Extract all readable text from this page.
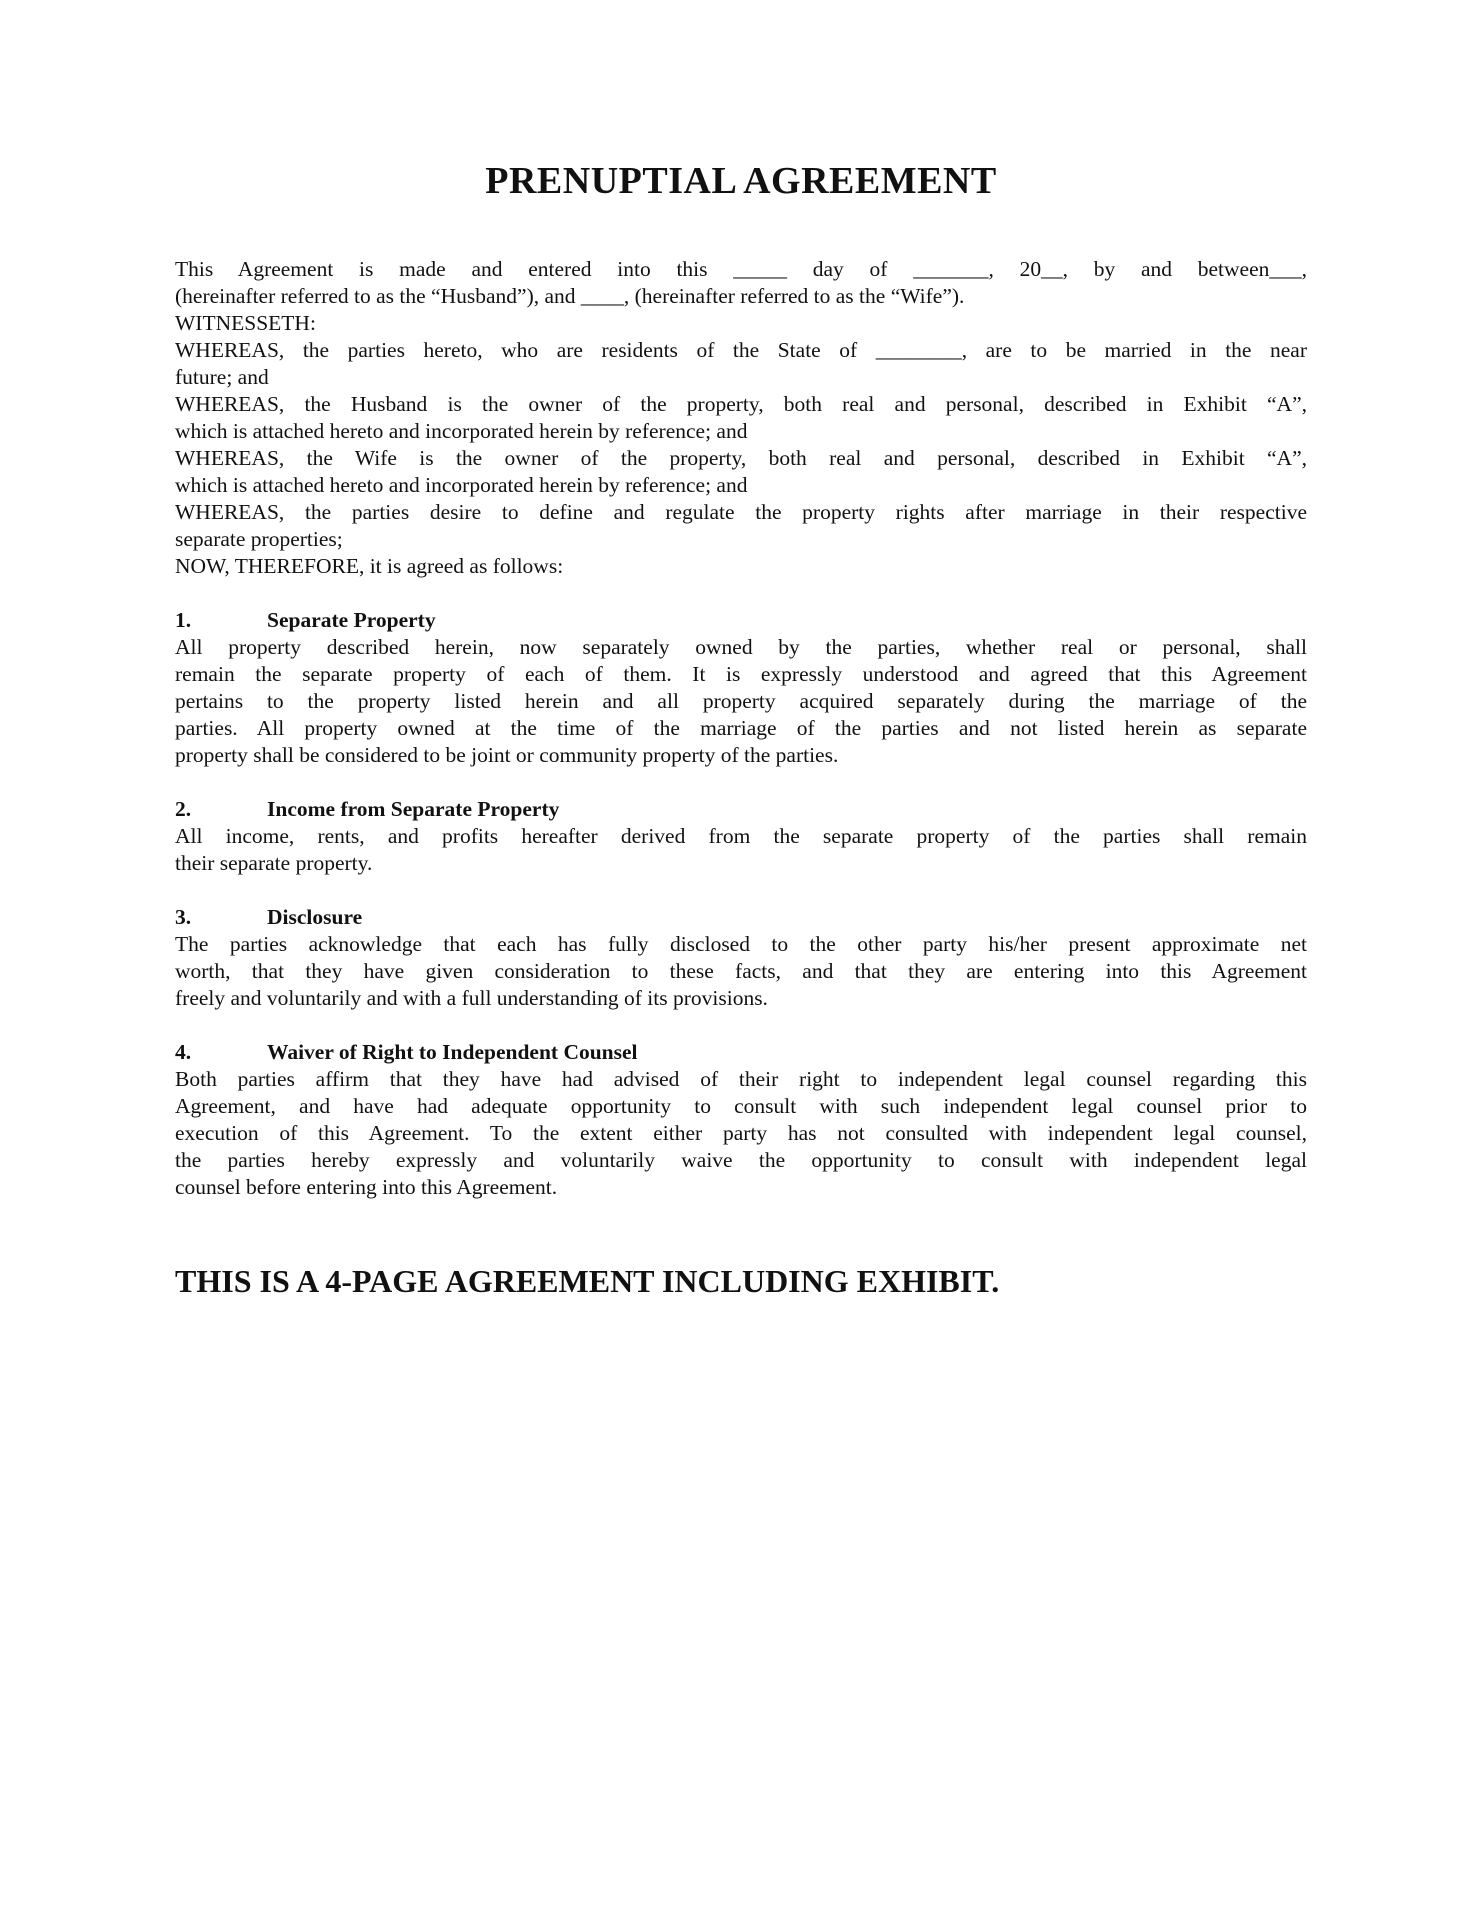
PRENUPTIAL AGREEMENT
This Agreement is made and entered into this _____ day of _______, 20__, by and between___,
(hereinafter referred to as the “Husband”), and ____, (hereinafter referred to as the “Wife”).
WITNESSETH:
WHEREAS, the parties hereto, who are residents of the State of ________, are to be married in the near
future; and
WHEREAS, the Husband is the owner of the property, both real and personal, described in Exhibit “A”,
which is attached hereto and incorporated herein by reference; and
WHEREAS, the Wife is the owner of the property, both real and personal, described in Exhibit “A”,
which is attached hereto and incorporated herein by reference; and
WHEREAS, the parties desire to define and regulate the property rights after marriage in their respective
separate properties;
NOW, THEREFORE, it is agreed as follows:
1.	Separate Property
All property described herein, now separately owned by the parties, whether real or personal, shall
remain the separate property of each of them. It is expressly understood and agreed that this Agreement
pertains to the property listed herein and all property acquired separately during the marriage of the
parties. All property owned at the time of the marriage of the parties and not listed herein as separate
property shall be considered to be joint or community property of the parties.
2.	Income from Separate Property
All income, rents, and profits hereafter derived from the separate property of the parties shall remain
their separate property.
3.	Disclosure
The parties acknowledge that each has fully disclosed to the other party his/her present approximate net
worth, that they have given consideration to these facts, and that they are entering into this Agreement
freely and voluntarily and with a full understanding of its provisions.
4.	Waiver of Right to Independent Counsel
Both parties affirm that they have had advised of their right to independent legal counsel regarding this
Agreement, and have had adequate opportunity to consult with such independent legal counsel prior to
execution of this Agreement. To the extent either party has not consulted with independent legal counsel,
the parties hereby expressly and voluntarily waive the opportunity to consult with independent legal
counsel before entering into this Agreement.
THIS IS A 4-PAGE AGREEMENT INCLUDING EXHIBIT.
